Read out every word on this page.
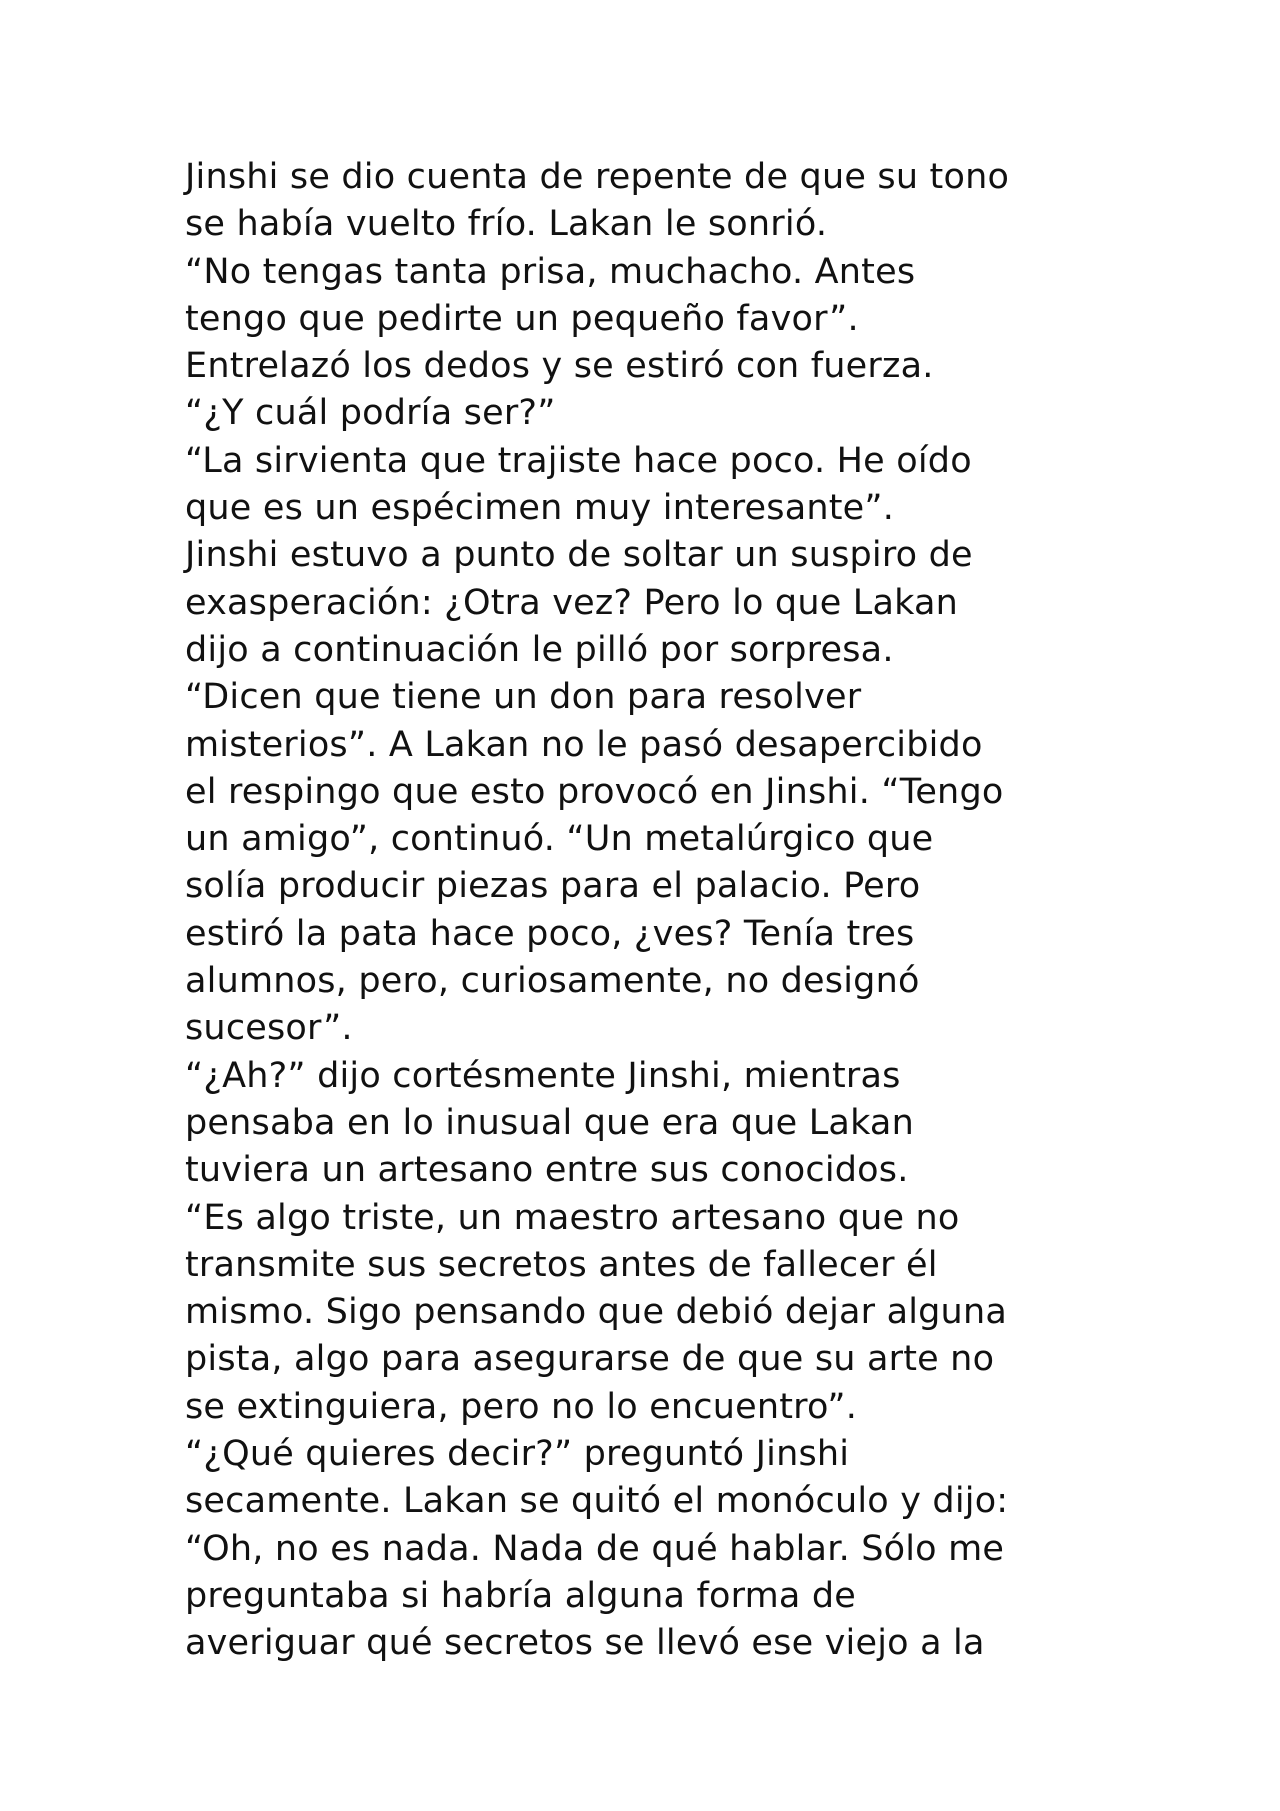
Jinshi se dio cuenta de repente de que su tono
se había vuelto frío. Lakan le sonrió.
“No tengas tanta prisa, muchacho. Antes
tengo que pedirte un pequeño favor”.
Entrelazó los dedos y se estiró con fuerza.
“¿Y cuál podría ser?”
“La sirvienta que trajiste hace poco. He oído
que es un espécimen muy interesante”.
Jinshi estuvo a punto de soltar un suspiro de
exasperación: ¿Otra vez? Pero lo que Lakan
dijo a continuación le pilló por sorpresa.
“Dicen que tiene un don para resolver
misterios”. A Lakan no le pasó desapercibido
el respingo que esto provocó en Jinshi. “Tengo
un amigo”, continuó. “Un metalúrgico que
solía producir piezas para el palacio. Pero
estiró la pata hace poco, ¿ves? Tenía tres
alumnos, pero, curiosamente, no designó
sucesor”.
“¿Ah?” dijo cortésmente Jinshi, mientras
pensaba en lo inusual que era que Lakan
tuviera un artesano entre sus conocidos.
“Es algo triste, un maestro artesano que no
transmite sus secretos antes de fallecer él
mismo. Sigo pensando que debió dejar alguna
pista, algo para asegurarse de que su arte no
se extinguiera, pero no lo encuentro”.
“¿Qué quieres decir?” preguntó Jinshi
secamente. Lakan se quitó el monóculo y dijo:
“Oh, no es nada. Nada de qué hablar. Sólo me
preguntaba si habría alguna forma de
averiguar qué secretos se llevó ese viejo a la
